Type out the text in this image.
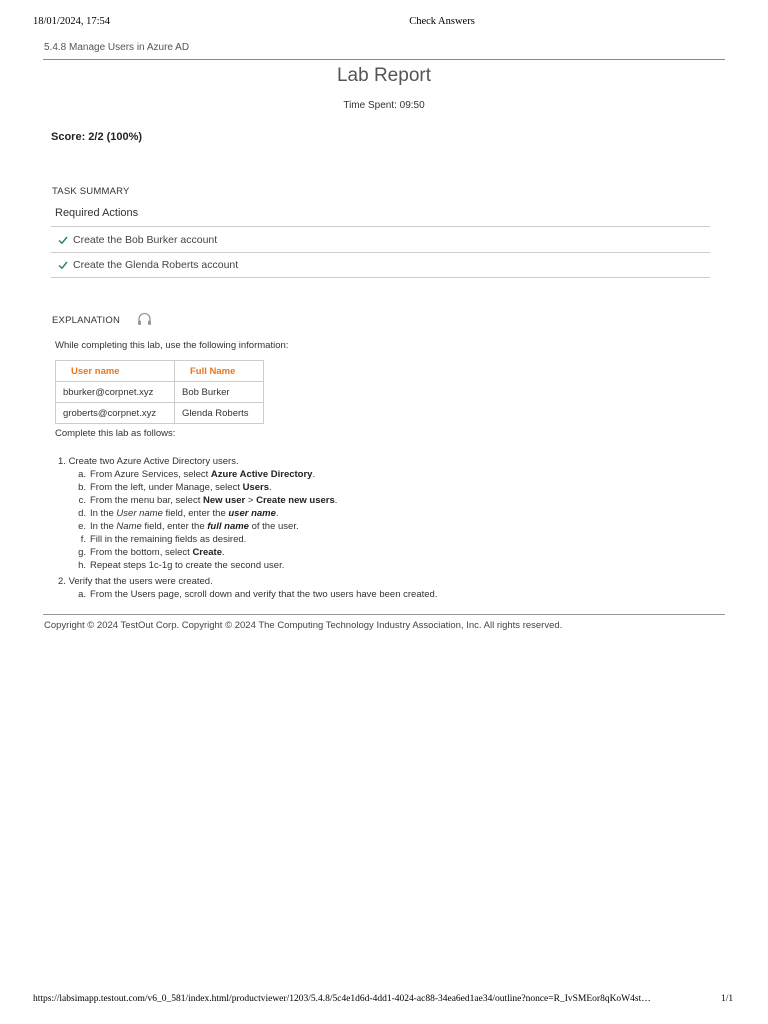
18/01/2024, 17:54	Check Answers
5.4.8 Manage Users in Azure AD
Lab Report
Time Spent: 09:50
Score: 2/2 (100%)
TASK SUMMARY
Required Actions
Create the Bob Burker account
Create the Glenda Roberts account
EXPLANATION
While completing this lab, use the following information:
User name	Full Name
bburker@corpnet.xyz	Bob Burker
groberts@corpnet.xyz	Glenda Roberts
Complete this lab as follows:
1. Create two Azure Active Directory users.
a. From Azure Services, select Azure Active Directory.
b. From the left, under Manage, select Users.
c. From the menu bar, select New user > Create new users.
d. In the User name field, enter the user name.
e. In the Name field, enter the full name of the user.
f. Fill in the remaining fields as desired.
g. From the bottom, select Create.
h. Repeat steps 1c-1g to create the second user.
2. Verify that the users were created.
a. From the Users page, scroll down and verify that the two users have been created.
Copyright © 2024 TestOut Corp. Copyright © 2024 The Computing Technology Industry Association, Inc. All rights reserved.
https://labsimapp.testout.com/v6_0_581/index.html/productviewer/1203/5.4.8/5c4e1d6d-4dd1-4024-ac88-34ea6ed1ae34/outline?nonce=R_IvSMEor8qKoW4st…	1/1
